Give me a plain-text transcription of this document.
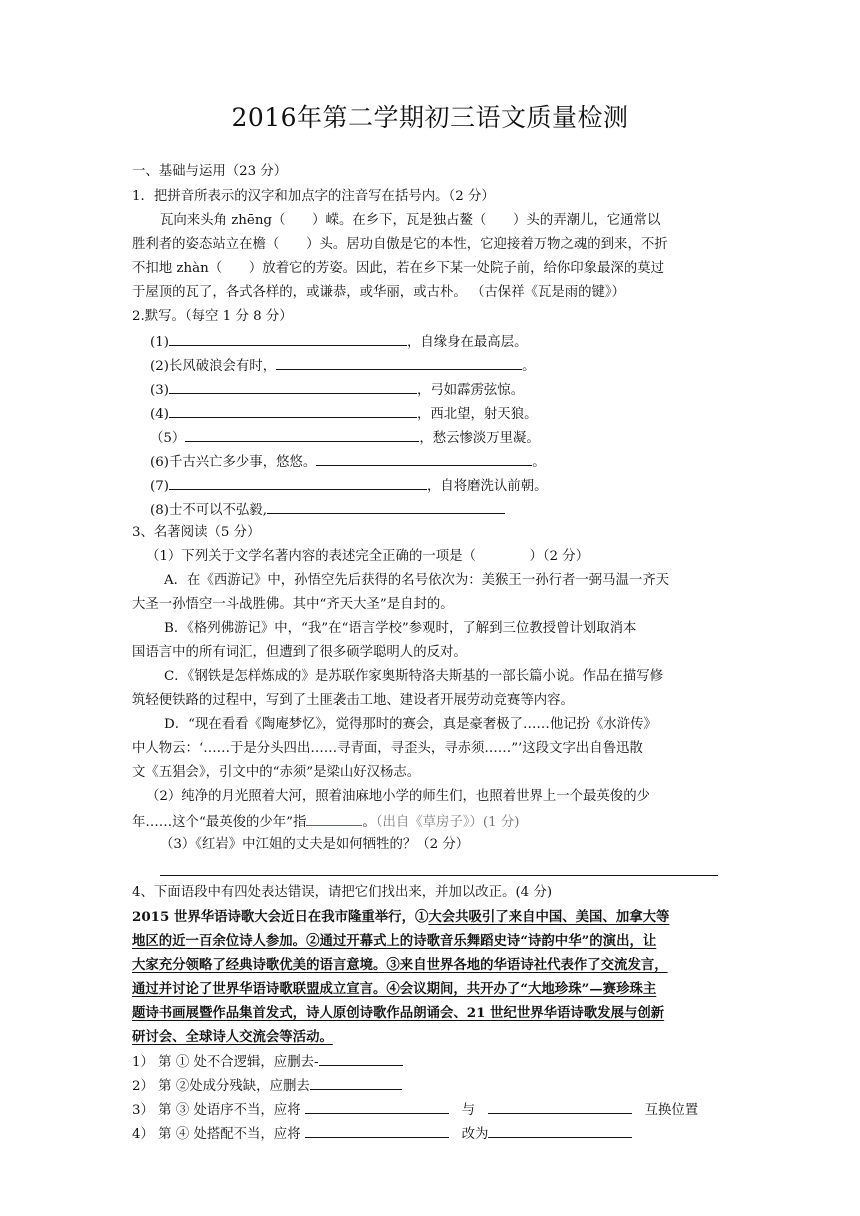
2016年第二学期初三语文质量检测
一、基础与运用（23 分）
1．把拼音所表示的汉字和加点字的注音写在括号内。（2 分）
瓦向来头角 zhēng（　　）嵘。在乡下，瓦是独占鳌（　　）头的弄潮儿，它通常以
胜利者的姿态站立在檐（　　）头。居功自傲是它的本性，它迎接着万物之魂的到来，不折
不扣地 zhàn（　　）放着它的芳姿。因此，若在乡下某一处院子前，给你印象最深的莫过
于屋顶的瓦了，各式各样的，或谦恭，或华丽，或古朴。 （古保祥《瓦是雨的键》）
2.默写。（每空 1 分 8 分）
(1)	，自缘身在最高层。
(2)长风破浪会有时，	。
(3)	，弓如霹雳弦惊。
(4)	，西北望，射天狼。
（5）	，愁云惨淡万里凝。
(6)千古兴亡多少事，悠悠。	。
(7)	，自将磨洗认前朝。
(8)士不可以不弘毅,
3、名著阅读（5 分）
（1）下列关于文学名著内容的表述完全正确的一项是（　　　　）（2 分）
A．在《西游记》中，孙悟空先后获得的名号依次为：美猴王一孙行者一弼马温一齐天
大圣一孙悟空一斗战胜佛。其中“齐天大圣”是自封的。
B．《格列佛游记》中，“我”在“语言学校”参观时，了解到三位教授曾计划取消本
国语言中的所有词汇，但遭到了很多硕学聪明人的反对。
C．《钢铁是怎样炼成的》是苏联作家奥斯特洛夫斯基的一部长篇小说。作品在描写修
筑轻便铁路的过程中，写到了土匪袭击工地、建设者开展劳动竞赛等内容。
D．“现在看看《陶庵梦忆》，觉得那时的赛会，真是豪奢极了……他记扮《水浒传》
中人物云：‘……于是分头四出……寻青面，寻歪头，寻赤须……”’这段文字出自鲁迅散
文《五猖会》，引文中的“赤须”是梁山好汉杨志。
（2）纯净的月光照着大河，照着油麻地小学的师生们，也照着世界上一个最英俊的少
年……这个“最英俊的少年”指	。（出自《草房子》）(1 分)
（3）《红岩》中江姐的丈夫是如何牺牲的？（2 分）
4、下面语段中有四处表达错误，请把它们找出来，并加以改正。(4 分)
2015 世界华语诗歌大会近日在我市隆重举行，①大会共吸引了来自中国、美国、加拿大等
地区的近一百余位诗人参加。②通过开幕式上的诗歌音乐舞蹈史诗“诗韵中华”的演出，让
大家充分领略了经典诗歌优美的语言意境。③来自世界各地的华语诗社代表作了交流发言，
通过并讨论了世界华语诗歌联盟成立宣言。④会议期间，共开办了“大地珍珠”—赛珍珠主
题诗书画展暨作品集首发式，诗人原创诗歌作品朗诵会、21 世纪世界华语诗歌发展与创新
研讨会、全球诗人交流会等活动。
1） 第 ① 处不合逻辑，应删去-
2） 第 ②处成分残缺，应删去
3） 第 ③ 处语序不当，应将	与	互换位置
4） 第 ④ 处搭配不当，应将	改为
